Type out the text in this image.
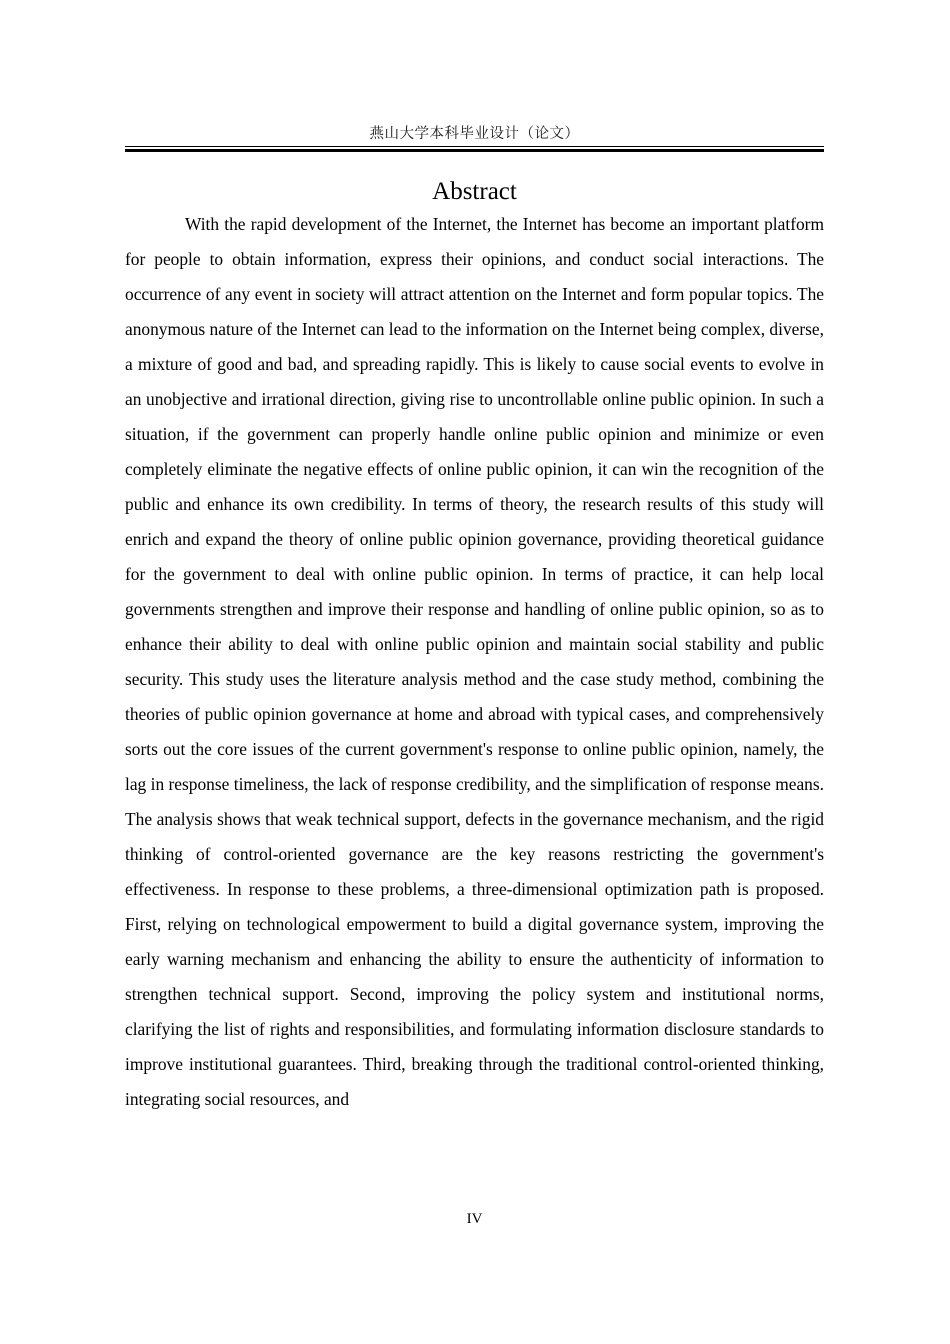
燕山大学本科毕业设计（论文）
Abstract

With the rapid development of the Internet, the Internet has become an important platform for people to obtain information, express their opinions, and conduct social interactions. The occurrence of any event in society will attract attention on the Internet and form popular topics. The anonymous nature of the Internet can lead to the information on the Internet being complex, diverse, a mixture of good and bad, and spreading rapidly. This is likely to cause social events to evolve in an unobjective and irrational direction, giving rise to uncontrollable online public opinion. In such a situation, if the government can properly handle online public opinion and minimize or even completely eliminate the negative effects of online public opinion, it can win the recognition of the public and enhance its own credibility. In terms of theory, the research results of this study will enrich and expand the theory of online public opinion governance, providing theoretical guidance for the government to deal with online public opinion. In terms of practice, it can help local governments strengthen and improve their response and handling of online public opinion, so as to enhance their ability to deal with online public opinion and maintain social stability and public security. This study uses the literature analysis method and the case study method, combining the theories of public opinion governance at home and abroad with typical cases, and comprehensively sorts out the core issues of the current government's response to online public opinion, namely, the lag in response timeliness, the lack of response credibility, and the simplification of response means. The analysis shows that weak technical support, defects in the governance mechanism, and the rigid thinking of control-oriented governance are the key reasons restricting the government's effectiveness. In response to these problems, a three-dimensional optimization path is proposed. First, relying on technological empowerment to build a digital governance system, improving the early warning mechanism and enhancing the ability to ensure the authenticity of information to strengthen technical support. Second, improving the policy system and institutional norms, clarifying the list of rights and responsibilities, and formulating information disclosure standards to improve institutional guarantees. Third, breaking through the traditional control-oriented thinking, integrating social resources, and

IV
